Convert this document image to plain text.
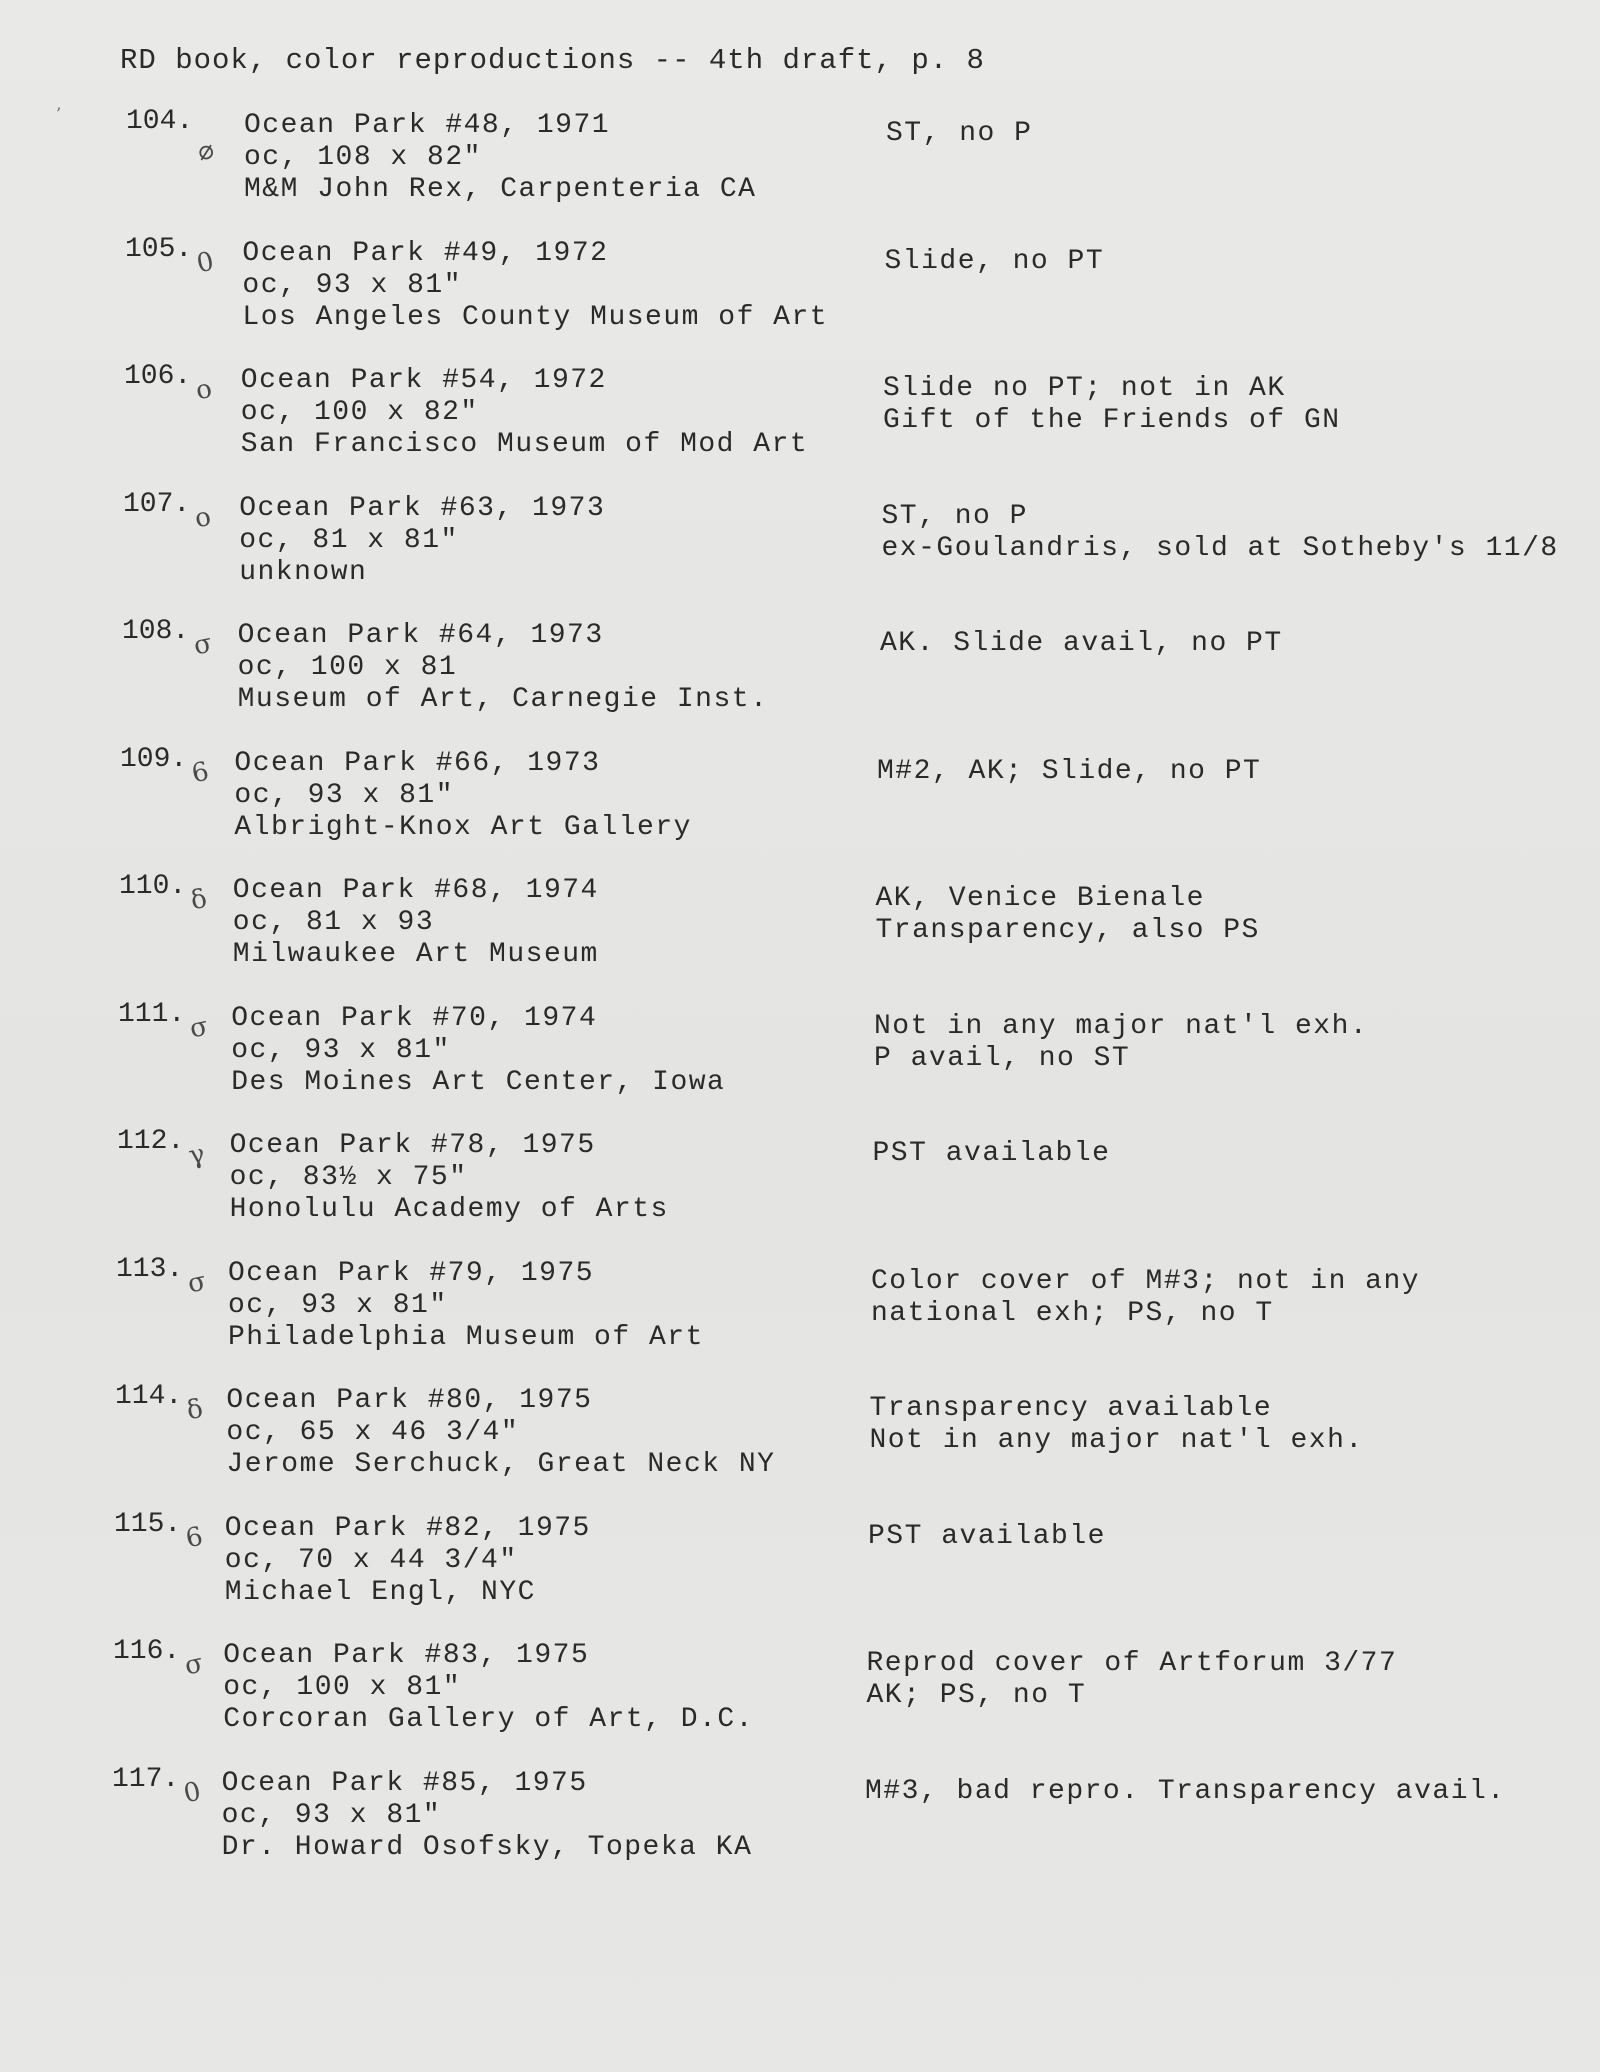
RD book, color reproductions -- 4th draft, p. 8
104.
⌀
Ocean Park #48, 1971
oc, 108 x 82"
M&M John Rex, Carpenteria CA
ST, no P
105. 0 Ocean Park #49, 1972
oc, 93 x 81"
Los Angeles County Museum of Art
Slide, no PT
106. ο Ocean Park #54, 1972
oc, 100 x 82"
San Francisco Museum of Mod Art
Slide no PT; not in AK
Gift of the Friends of GN
107. ο Ocean Park #63, 1973
oc, 81 x 81"
unknown
ST, no P
ex-Goulandris, sold at Sotheby's 11/8
108. σ Ocean Park #64, 1973
oc, 100 x 81
Museum of Art, Carnegie Inst.
AK. Slide avail, no PT
109. 6 Ocean Park #66, 1973
oc, 93 x 81"
Albright-Knox Art Gallery
M#2, AK; Slide, no PT
110. δ Ocean Park #68, 1974
oc, 81 x 93
Milwaukee Art Museum
AK, Venice Bienale
Transparency, also PS
111. σ Ocean Park #70, 1974
oc, 93 x 81"
Des Moines Art Center, Iowa
Not in any major nat'l exh.
P avail, no ST
112. γ Ocean Park #78, 1975
oc, 83½ x 75"
Honolulu Academy of Arts
PST available
113. σ Ocean Park #79, 1975
oc, 93 x 81"
Philadelphia Museum of Art
Color cover of M#3; not in any
national exh; PS, no T
114. δ Ocean Park #80, 1975
oc, 65 x 46 3/4"
Jerome Serchuck, Great Neck NY
Transparency available
Not in any major nat'l exh.
115. 6 Ocean Park #82, 1975
oc, 70 x 44 3/4"
Michael Engl, NYC
PST available
116. σ Ocean Park #83, 1975
oc, 100 x 81"
Corcoran Gallery of Art, D.C.
Reprod cover of Artforum 3/77
AK; PS, no T
117. 0 Ocean Park #85, 1975
oc, 93 x 81"
Dr. Howard Osofsky, Topeka KA
M#3, bad repro. Transparency avail.
’
